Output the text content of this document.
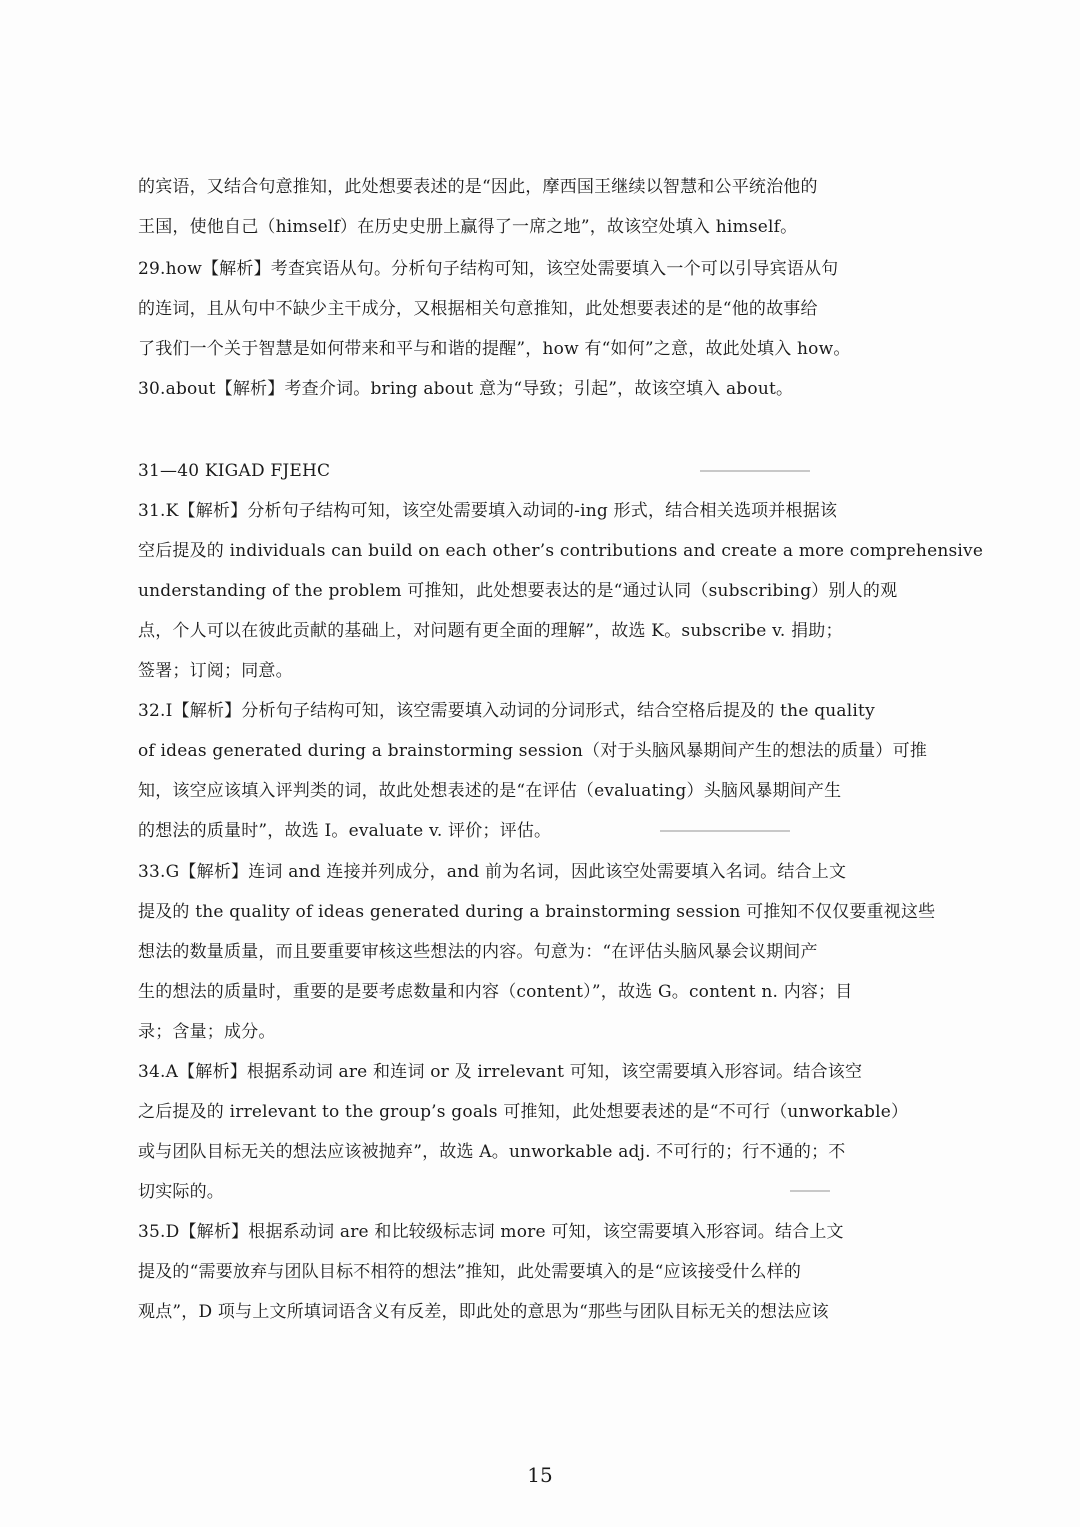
的宾语，又结合句意推知，此处想要表述的是“因此，摩西国王继续以智慧和公平统治他的
王国，使他自己（himself）在历史史册上赢得了一席之地”，故该空处填入 himself。
29.how【解析】考查宾语从句。分析句子结构可知，该空处需要填入一个可以引导宾语从句
的连词，且从句中不缺少主干成分，又根据相关句意推知，此处想要表述的是“他的故事给
了我们一个关于智慧是如何带来和平与和谐的提醒”，how 有“如何”之意，故此处填入 how。
30.about【解析】考查介词。bring about 意为“导致；引起”，故该空填入 about。
31—40 KIGAD FJEHC
31.K【解析】分析句子结构可知，该空处需要填入动词的-ing 形式，结合相关选项并根据该
空后提及的 individuals can build on each other’s contributions and create a more comprehensive
understanding of the problem 可推知，此处想要表达的是“通过认同（subscribing）别人的观
点，个人可以在彼此贡献的基础上，对问题有更全面的理解”，故选 K。subscribe v. 捐助；
签署；订阅；同意。
32.I【解析】分析句子结构可知，该空需要填入动词的分词形式，结合空格后提及的 the quality
of ideas generated during a brainstorming session（对于头脑风暴期间产生的想法的质量）可推
知，该空应该填入评判类的词，故此处想表述的是“在评估（evaluating）头脑风暴期间产生
的想法的质量时”，故选 I。evaluate v. 评价；评估。
33.G【解析】连词 and 连接并列成分，and 前为名词，因此该空处需要填入名词。结合上文
提及的 the quality of ideas generated during a brainstorming session 可推知不仅仅要重视这些
想法的数量质量，而且要重要审核这些想法的内容。句意为：“在评估头脑风暴会议期间产
生的想法的质量时，重要的是要考虑数量和内容（content）”，故选 G。content n. 内容；目
录；含量；成分。
34.A【解析】根据系动词 are 和连词 or 及 irrelevant 可知，该空需要填入形容词。结合该空
之后提及的 irrelevant to the group’s goals 可推知，此处想要表述的是“不可行（unworkable）
或与团队目标无关的想法应该被抛弃”，故选 A。unworkable adj. 不可行的；行不通的；不
切实际的。
35.D【解析】根据系动词 are 和比较级标志词 more 可知，该空需要填入形容词。结合上文
提及的“需要放弃与团队目标不相符的想法”推知，此处需要填入的是“应该接受什么样的
观点”，D 项与上文所填词语含义有反差，即此处的意思为“那些与团队目标无关的想法应该
15
